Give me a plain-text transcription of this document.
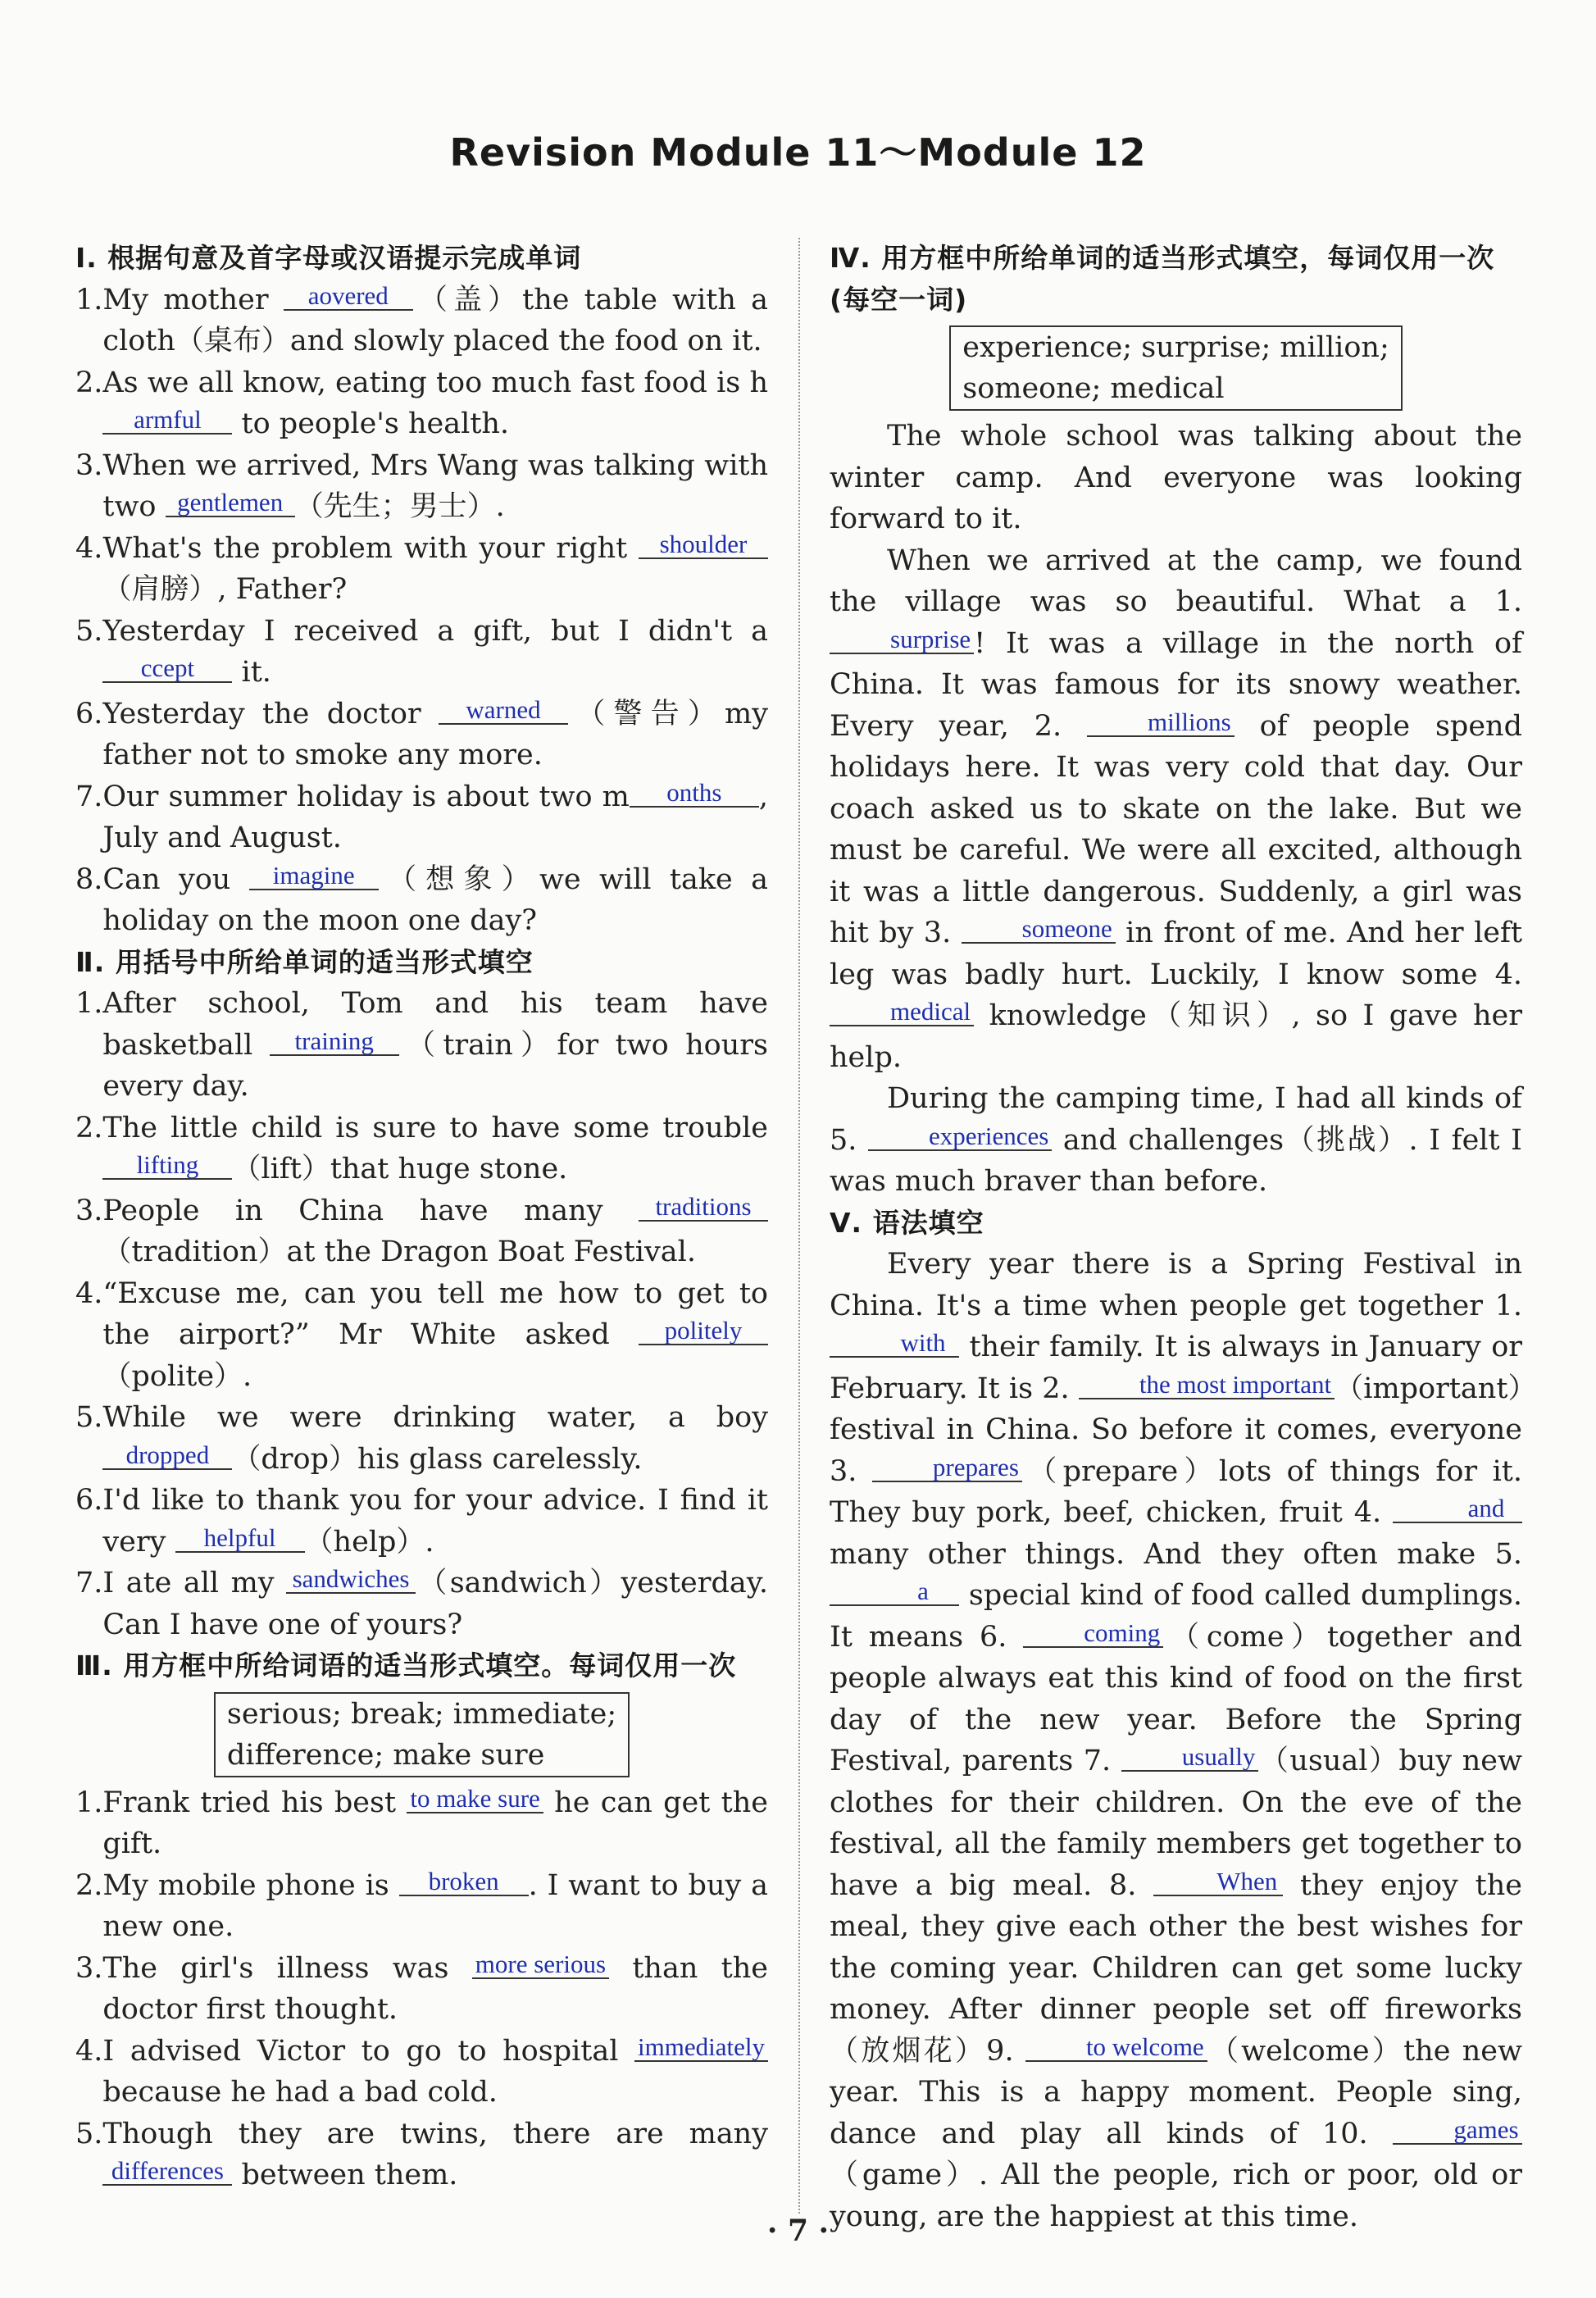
Revision Module 11～Module 12
Ⅰ. 根据句意及首字母或汉语提示完成单词
1. My mother aovered （盖）the table with a cloth（桌布）and slowly placed the food on it.
2. As we all know, eating too much fast food is harmful to people's health.
3. When we arrived, Mrs Wang was talking with two gentlemen （先生；男士）.
4. What's the problem with your right shoulder（肩膀）, Father?
5. Yesterday I received a gift, but I didn't accept it.
6. Yesterday the doctor warned （警告）my father not to smoke any more.
7. Our summer holiday is about two m onths , July and August.
8. Can you imagine （想象）we will take a holiday on the moon one day?
Ⅱ. 用括号中所给单词的适当形式填空
1. After school, Tom and his team have basketball training （train）for two hours every day.
2. The little child is sure to have some trouble lifting （lift）that huge stone.
3. People in China have many traditions（tradition）at the Dragon Boat Festival.
4. “Excuse me, can you tell me how to get to the airport?” Mr White asked politely（polite）.
5. While we were drinking water, a boy dropped （drop）his glass carelessly.
6. I'd like to thank you for your advice. I find it very helpful （help）.
7. I ate all my sandwiches （sandwich）yesterday. Can I have one of yours?
Ⅲ. 用方框中所给词语的适当形式填空。每词仅用一次
serious; break; immediate;
difference; make sure
1. Frank tried his best to make sure he can get the gift.
2. My mobile phone is broken . I want to buy a new one.
3. The girl's illness was more serious than the doctor first thought.
4. I advised Victor to go to hospital immediately because he had a bad cold.
5. Though they are twins, there are many differences between them.
Ⅳ. 用方框中所给单词的适当形式填空，每词仅用一次(每空一词)
experience; surprise; million;
someone; medical

The whole school was talking about the winter camp. And everyone was looking forward to it.

When we arrived at the camp, we found the village was so beautiful. What a 1. surprise ! It was a village in the north of China. It was famous for its snowy weather. Every year, 2. millions of people spend holidays here. It was very cold that day. Our coach asked us to skate on the lake. But we must be careful. We were all excited, although it was a little dangerous. Suddenly, a girl was hit by 3. someone in front of me. And her left leg was badly hurt. Luckily, I know some 4. medical knowledge（知识）, so I gave her help.

During the camping time, I had all kinds of 5. experiences and challenges（挑战）. I felt I was much braver than before.

Ⅴ. 语法填空

Every year there is a Spring Festival in China. It's a time when people get together 1. with their family. It is always in January or February. It is 2. the most important （important）festival in China. So before it comes, everyone 3. prepares （prepare）lots of things for it. They buy pork, beef, chicken, fruit 4.	and many other things. And they often make 5. a special kind of food called dumplings. It means 6. coming （come）together and people always eat this kind of food on the first day of the new year. Before the Spring Festival, parents 7. usually （usual）buy new clothes for their children. On the eve of the festival, all the family members get together to have a big meal. 8. When they enjoy the meal, they give each other the best wishes for the coming year. Children can get some lucky money. After dinner people set off fireworks（放烟花）9. to welcome （welcome）the new year. This is a happy moment. People sing, dance and play all kinds of 10. games（game）. All the people, rich or poor, old or young, are the happiest at this time.

· 7 ·
